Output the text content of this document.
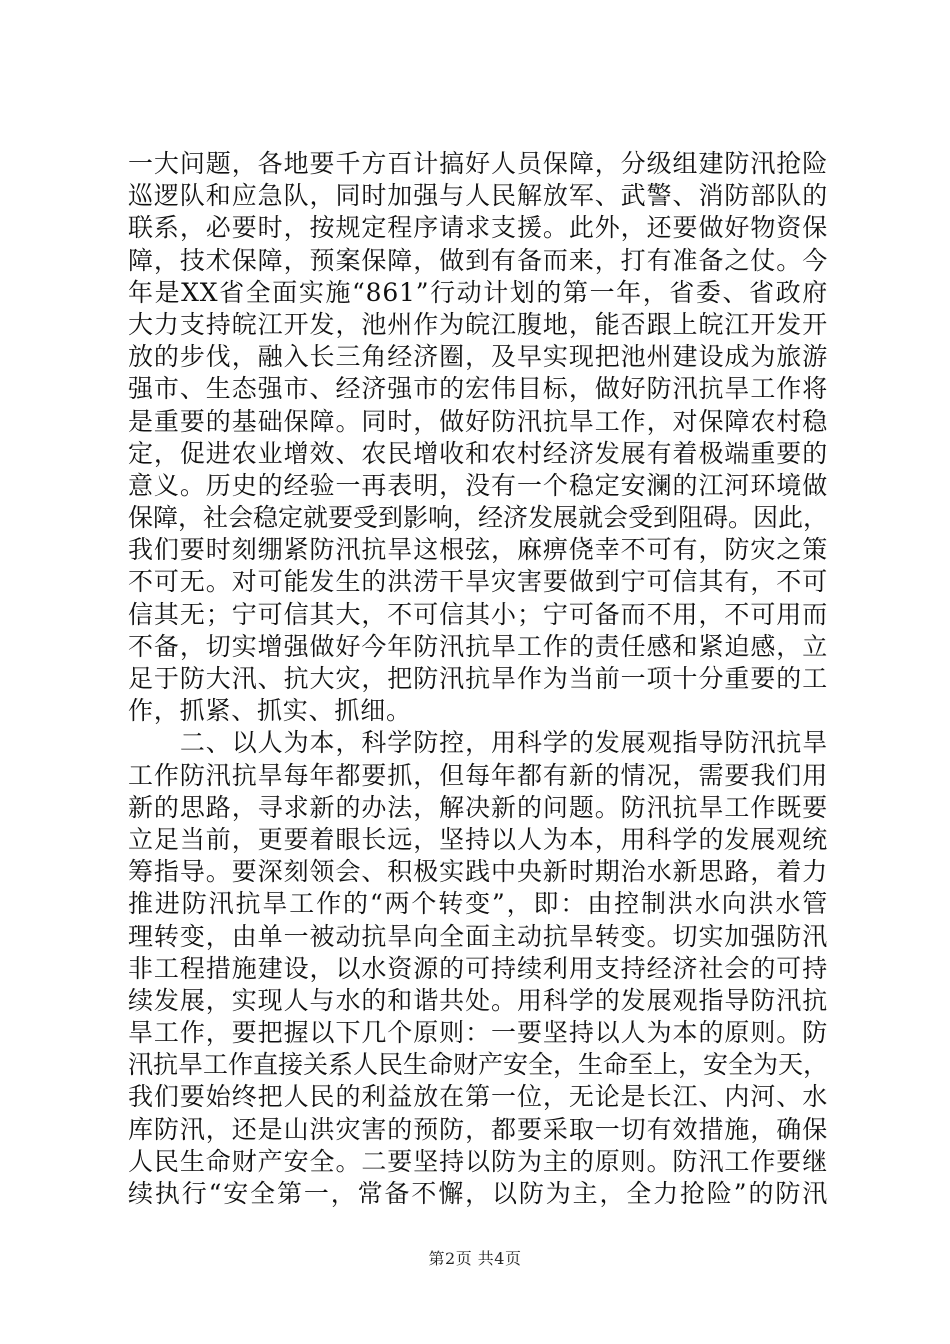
一大问题，各地要千方百计搞好人员保障，分级组建防汛抢险
巡逻队和应急队，同时加强与人民解放军、武警、消防部队的
联系，必要时，按规定程序请求支援。此外，还要做好物资保
障，技术保障，预案保障，做到有备而来，打有准备之仗。今
年是XX省全面实施“861”行动计划的第一年，省委、省政府
大力支持皖江开发，池州作为皖江腹地，能否跟上皖江开发开
放的步伐，融入长三角经济圈，及早实现把池州建设成为旅游
强市、生态强市、经济强市的宏伟目标，做好防汛抗旱工作将
是重要的基础保障。同时，做好防汛抗旱工作，对保障农村稳
定，促进农业增效、农民增收和农村经济发展有着极端重要的
意义。历史的经验一再表明，没有一个稳定安澜的江河环境做
保障，社会稳定就要受到影响，经济发展就会受到阻碍。因此，
我们要时刻绷紧防汛抗旱这根弦，麻痹侥幸不可有，防灾之策
不可无。对可能发生的洪涝干旱灾害要做到宁可信其有，不可
信其无；宁可信其大，不可信其小；宁可备而不用，不可用而
不备，切实增强做好今年防汛抗旱工作的责任感和紧迫感，立
足于防大汛、抗大灾，把防汛抗旱作为当前一项十分重要的工
作，抓紧、抓实、抓细。
　　二、以人为本，科学防控，用科学的发展观指导防汛抗旱
工作防汛抗旱每年都要抓，但每年都有新的情况，需要我们用
新的思路，寻求新的办法，解决新的问题。防汛抗旱工作既要
立足当前，更要着眼长远，坚持以人为本，用科学的发展观统
筹指导。要深刻领会、积极实践中央新时期治水新思路，着力
推进防汛抗旱工作的“两个转变”，即：由控制洪水向洪水管
理转变，由单一被动抗旱向全面主动抗旱转变。切实加强防汛
非工程措施建设，以水资源的可持续利用支持经济社会的可持
续发展，实现人与水的和谐共处。用科学的发展观指导防汛抗
旱工作，要把握以下几个原则：一要坚持以人为本的原则。防
汛抗旱工作直接关系人民生命财产安全，生命至上，安全为天，
我们要始终把人民的利益放在第一位，无论是长江、内河、水
库防汛，还是山洪灾害的预防，都要采取一切有效措施，确保
人民生命财产安全。二要坚持以防为主的原则。防汛工作要继
续执行“安全第一，常备不懈，以防为主，全力抢险”的防汛
第2页 共4页
